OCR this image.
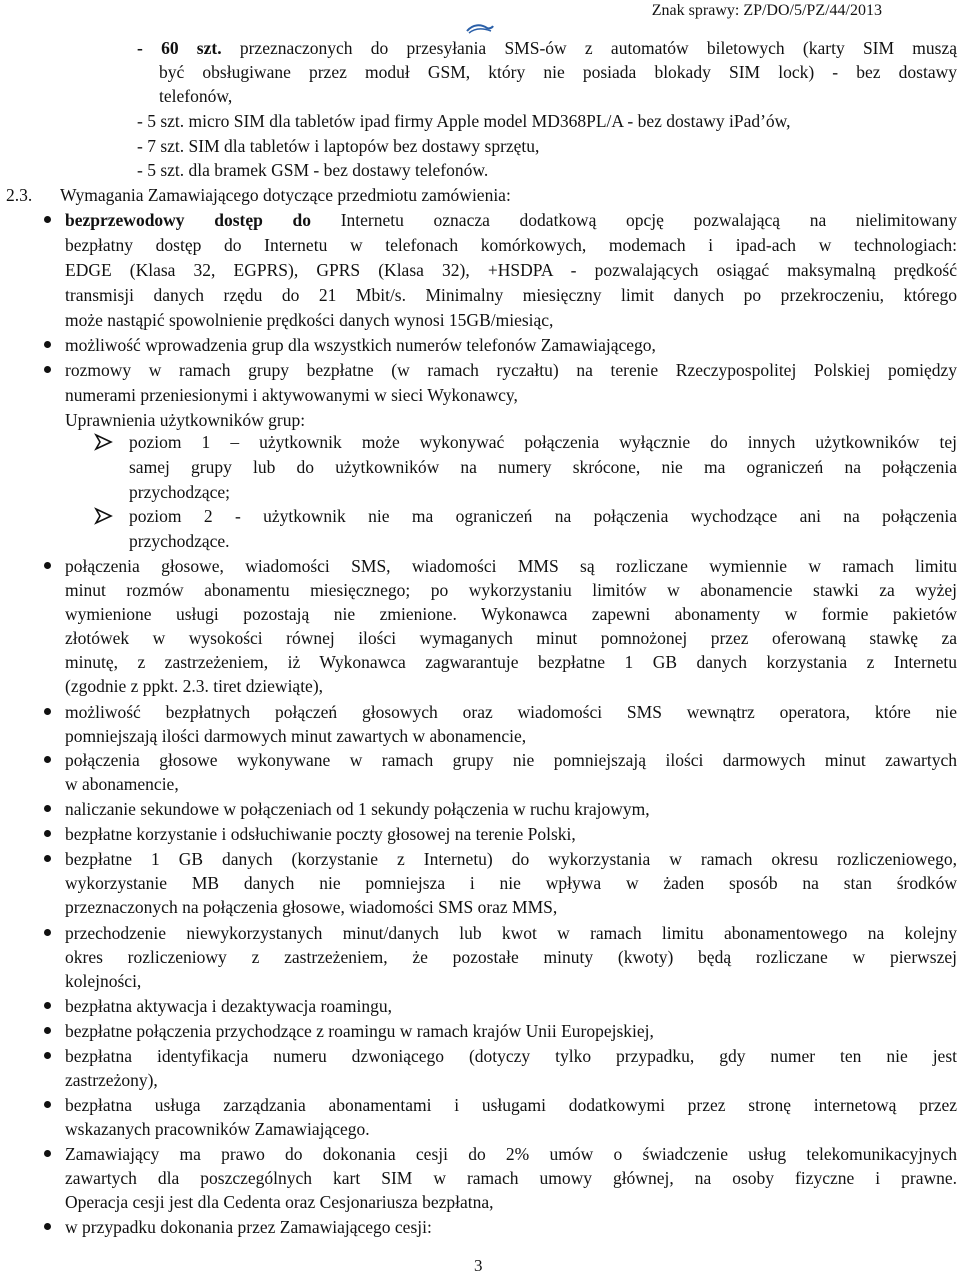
Znak sprawy: ZP/DO/5/PZ/44/2013
- 60 szt. przeznaczonych do przesyłania SMS-ów z automatów biletowych (karty SIM muszą
być obsługiwane przez moduł GSM, który nie posiada blokady SIM lock) - bez dostawy
telefonów,
- 5 szt. micro SIM dla tabletów ipad firmy Apple model MD368PL/A - bez dostawy iPad’ów,
- 7 szt. SIM dla tabletów i laptopów bez dostawy sprzętu,
- 5 szt. dla bramek GSM - bez dostawy telefonów.
2.3. Wymagania Zamawiającego dotyczące przedmiotu zamówienia:
bezprzewodowy dostęp do Internetu oznacza dodatkową opcję pozwalającą na nielimitowany
bezpłatny dostęp do Internetu w telefonach komórkowych, modemach i ipad-ach w technologiach:
EDGE (Klasa 32, EGPRS), GPRS (Klasa 32), +HSDPA - pozwalających osiągać maksymalną prędkość
transmisji danych rzędu do 21 Mbit/s. Minimalny miesięczny limit danych po przekroczeniu, którego
może nastąpić spowolnienie prędkości danych wynosi 15GB/miesiąc,
możliwość wprowadzenia grup dla wszystkich numerów telefonów Zamawiającego,
rozmowy w ramach grupy bezpłatne (w ramach ryczałtu) na terenie Rzeczypospolitej Polskiej pomiędzy
numerami przeniesionymi i aktywowanymi w sieci Wykonawcy,
Uprawnienia użytkowników grup:
poziom 1 – użytkownik może wykonywać połączenia wyłącznie do innych użytkowników tej
samej grupy lub do użytkowników na numery skrócone, nie ma ograniczeń na połączenia
przychodzące;
poziom 2 - użytkownik nie ma ograniczeń na połączenia wychodzące ani na połączenia
przychodzące.
połączenia głosowe, wiadomości SMS, wiadomości MMS są rozliczane wymiennie w ramach limitu
minut rozmów abonamentu miesięcznego; po wykorzystaniu limitów w abonamencie stawki za wyżej
wymienione usługi pozostają nie zmienione. Wykonawca zapewni abonamenty w formie pakietów
złotówek w wysokości równej ilości wymaganych minut pomnożonej przez oferowaną stawkę za
minutę, z zastrzeżeniem, iż Wykonawca zagwarantuje bezpłatne 1 GB danych korzystania z Internetu
(zgodnie z ppkt. 2.3. tiret dziewiąte),
możliwość bezpłatnych połączeń głosowych oraz wiadomości SMS wewnątrz operatora, które nie
pomniejszają ilości darmowych minut zawartych w abonamencie,
połączenia głosowe wykonywane w ramach grupy nie pomniejszają ilości darmowych minut zawartych
w abonamencie,
naliczanie sekundowe w połączeniach od 1 sekundy połączenia w ruchu krajowym,
bezpłatne korzystanie i odsłuchiwanie poczty głosowej na terenie Polski,
bezpłatne 1 GB danych (korzystanie z Internetu) do wykorzystania w ramach okresu rozliczeniowego,
wykorzystanie MB danych nie pomniejsza i nie wpływa w żaden sposób na stan środków
przeznaczonych na połączenia głosowe, wiadomości SMS oraz MMS,
przechodzenie niewykorzystanych minut/danych lub kwot w ramach limitu abonamentowego na kolejny
okres rozliczeniowy z zastrzeżeniem, że pozostałe minuty (kwoty) będą rozliczane w pierwszej
kolejności,
bezpłatna aktywacja i dezaktywacja roamingu,
bezpłatne połączenia przychodzące z roamingu w ramach krajów Unii Europejskiej,
bezpłatna identyfikacja numeru dzwoniącego (dotyczy tylko przypadku, gdy numer ten nie jest
zastrzeżony),
bezpłatna usługa zarządzania abonamentami i usługami dodatkowymi przez stronę internetową przez
wskazanych pracowników Zamawiającego.
Zamawiający ma prawo do dokonania cesji do 2% umów o świadczenie usług telekomunikacyjnych
zawartych dla poszczególnych kart SIM w ramach umowy głównej, na osoby fizyczne i prawne.
Operacja cesji jest dla Cedenta oraz Cesjonariusza bezpłatna,
w przypadku dokonania przez Zamawiającego cesji:
3
